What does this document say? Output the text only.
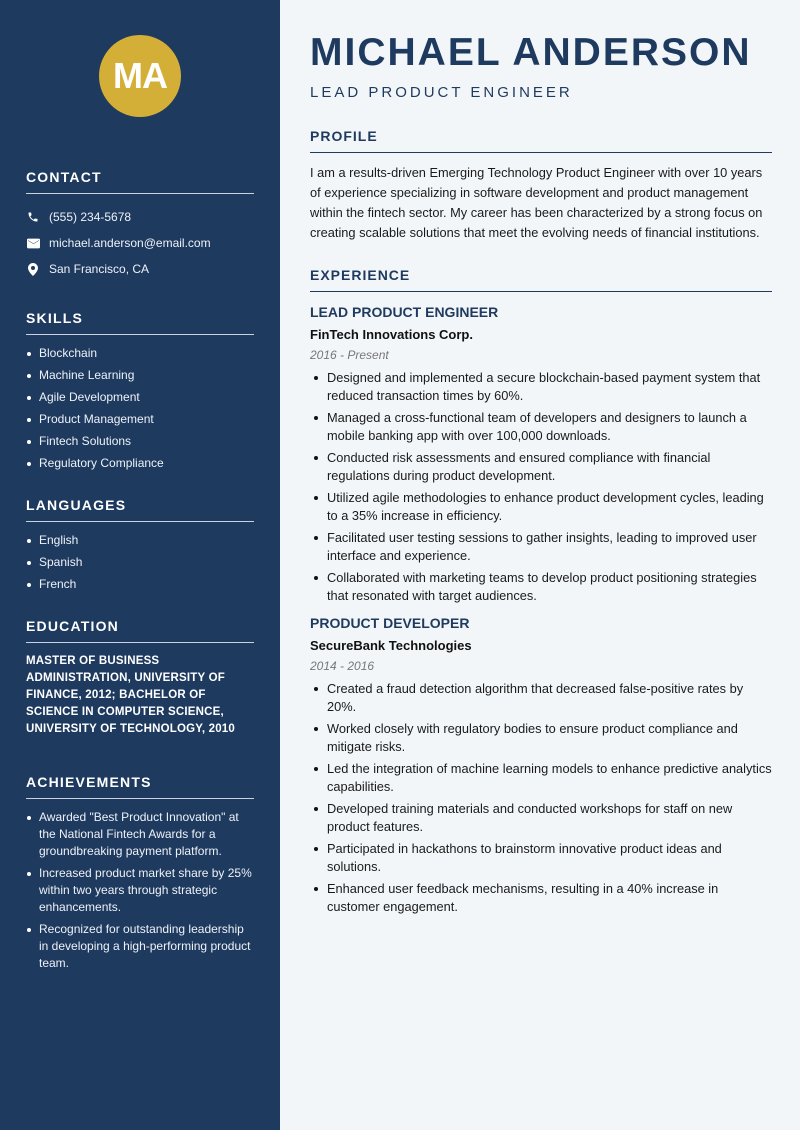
MA
CONTACT
(555) 234-5678
michael.anderson@email.com
San Francisco, CA
SKILLS
Blockchain
Machine Learning
Agile Development
Product Management
Fintech Solutions
Regulatory Compliance
LANGUAGES
English
Spanish
French
EDUCATION

MASTER OF BUSINESS ADMINISTRATION, UNIVERSITY OF FINANCE, 2012; BACHELOR OF SCIENCE IN COMPUTER SCIENCE, UNIVERSITY OF TECHNOLOGY, 2010

ACHIEVEMENTS
Awarded "Best Product Innovation" at the National Fintech Awards for a groundbreaking payment platform.
Increased product market share by 25% within two years through strategic enhancements.
Recognized for outstanding leadership in developing a high-performing product team.
MICHAEL ANDERSON
LEAD PRODUCT ENGINEER
PROFILE

I am a results-driven Emerging Technology Product Engineer with over 10 years of experience specializing in software development and product management within the fintech sector. My career has been characterized by a strong focus on creating scalable solutions that meet the evolving needs of financial institutions.

EXPERIENCE
LEAD PRODUCT ENGINEER
FinTech Innovations Corp.
2016 - Present
Designed and implemented a secure blockchain-based payment system that reduced transaction times by 60%.
Managed a cross-functional team of developers and designers to launch a mobile banking app with over 100,000 downloads.
Conducted risk assessments and ensured compliance with financial regulations during product development.
Utilized agile methodologies to enhance product development cycles, leading to a 35% increase in efficiency.
Facilitated user testing sessions to gather insights, leading to improved user interface and experience.
Collaborated with marketing teams to develop product positioning strategies that resonated with target audiences.
PRODUCT DEVELOPER
SecureBank Technologies
2014 - 2016
Created a fraud detection algorithm that decreased false-positive rates by 20%.
Worked closely with regulatory bodies to ensure product compliance and mitigate risks.
Led the integration of machine learning models to enhance predictive analytics capabilities.
Developed training materials and conducted workshops for staff on new product features.
Participated in hackathons to brainstorm innovative product ideas and solutions.
Enhanced user feedback mechanisms, resulting in a 40% increase in customer engagement.
